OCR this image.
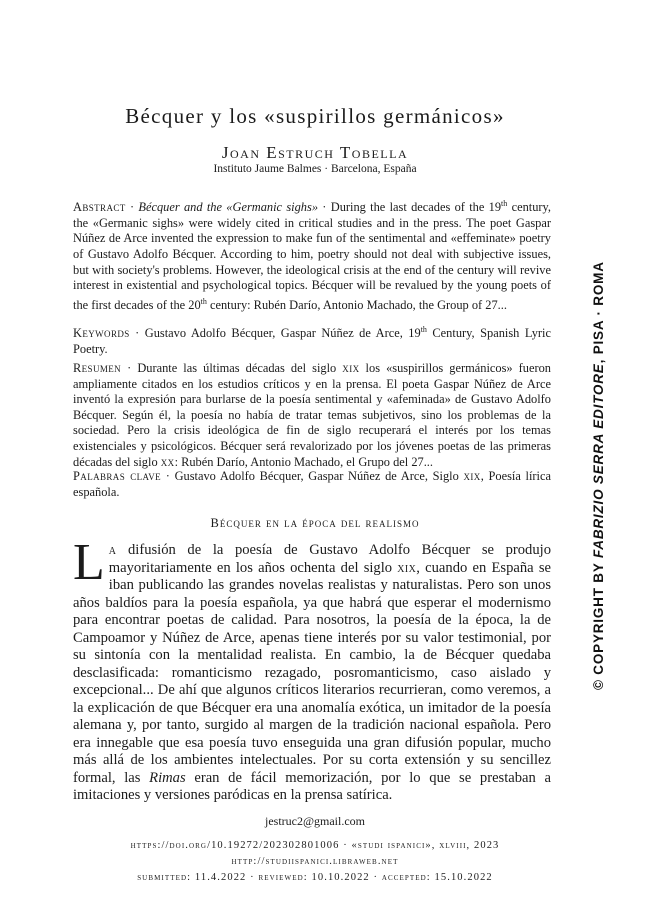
Bécquer y los «suspirillos germánicos»
Joan Estruch Tobella
Instituto Jaume Balmes · Barcelona, España
Abstract · Bécquer and the «Germanic sighs» · During the last decades of the 19th century, the «Germanic sighs» were widely cited in critical studies and in the press. The poet Gaspar Núñez de Arce invented the expression to make fun of the sentimental and «effeminate» poetry of Gustavo Adolfo Bécquer. According to him, poetry should not deal with subjective issues, but with society's problems. However, the ideological crisis at the end of the century will revive interest in existential and psychological topics. Bécquer will be revalued by the young poets of the first decades of the 20th century: Rubén Darío, Antonio Machado, the Group of 27...
Keywords · Gustavo Adolfo Bécquer, Gaspar Núñez de Arce, 19th Century, Spanish Lyric Poetry.
Resumen · Durante las últimas décadas del siglo xix los «suspirillos germánicos» fueron ampliamente citados en los estudios críticos y en la prensa. El poeta Gaspar Núñez de Arce inventó la expresión para burlarse de la poesía sentimental y «afeminada» de Gustavo Adolfo Bécquer. Según él, la poesía no había de tratar temas subjetivos, sino los problemas de la sociedad. Pero la crisis ideológica de fin de siglo recuperará el interés por los temas existenciales y psicológicos. Bécquer será revalorizado por los jóvenes poetas de las primeras décadas del siglo xx: Rubén Darío, Antonio Machado, el Grupo del 27...
Palabras clave · Gustavo Adolfo Bécquer, Gaspar Núñez de Arce, Siglo xix, Poesía lírica española.
Bécquer en la época del realismo
La difusión de la poesía de Gustavo Adolfo Bécquer se produjo mayoritariamente en los años ochenta del siglo xix, cuando en España se iban publicando las grandes novelas realistas y naturalistas. Pero son unos años baldíos para la poesía española, ya que habrá que esperar el modernismo para encontrar poetas de calidad. Para nosotros, la poesía de la época, la de Campoamor y Núñez de Arce, apenas tiene interés por su valor testimonial, por su sintonía con la mentalidad realista. En cambio, la de Bécquer quedaba desclasificada: romanticismo rezagado, posromanticismo, caso aislado y excepcional... De ahí que algunos críticos literarios recurrieran, como veremos, a la explicación de que Bécquer era una anomalía exótica, un imitador de la poesía alemana y, por tanto, surgido al margen de la tradición nacional española. Pero era innegable que esa poesía tuvo enseguida una gran difusión popular, mucho más allá de los ambientes intelectuales. Por su corta extensión y su sencillez formal, las Rimas eran de fácil memorización, por lo que se prestaban a imitaciones y versiones paródicas en la prensa satírica.
jestruc2@gmail.com
https://doi.org/10.19272/202302801006 · «studi ispanici», xlviii, 2023
http://studiispanici.libraweb.net
submitted: 11.4.2022 · reviewed: 10.10.2022 · accepted: 15.10.2022
© COPYRIGHT BY FABRIZIO SERRA EDITORE, PISA · ROMA
